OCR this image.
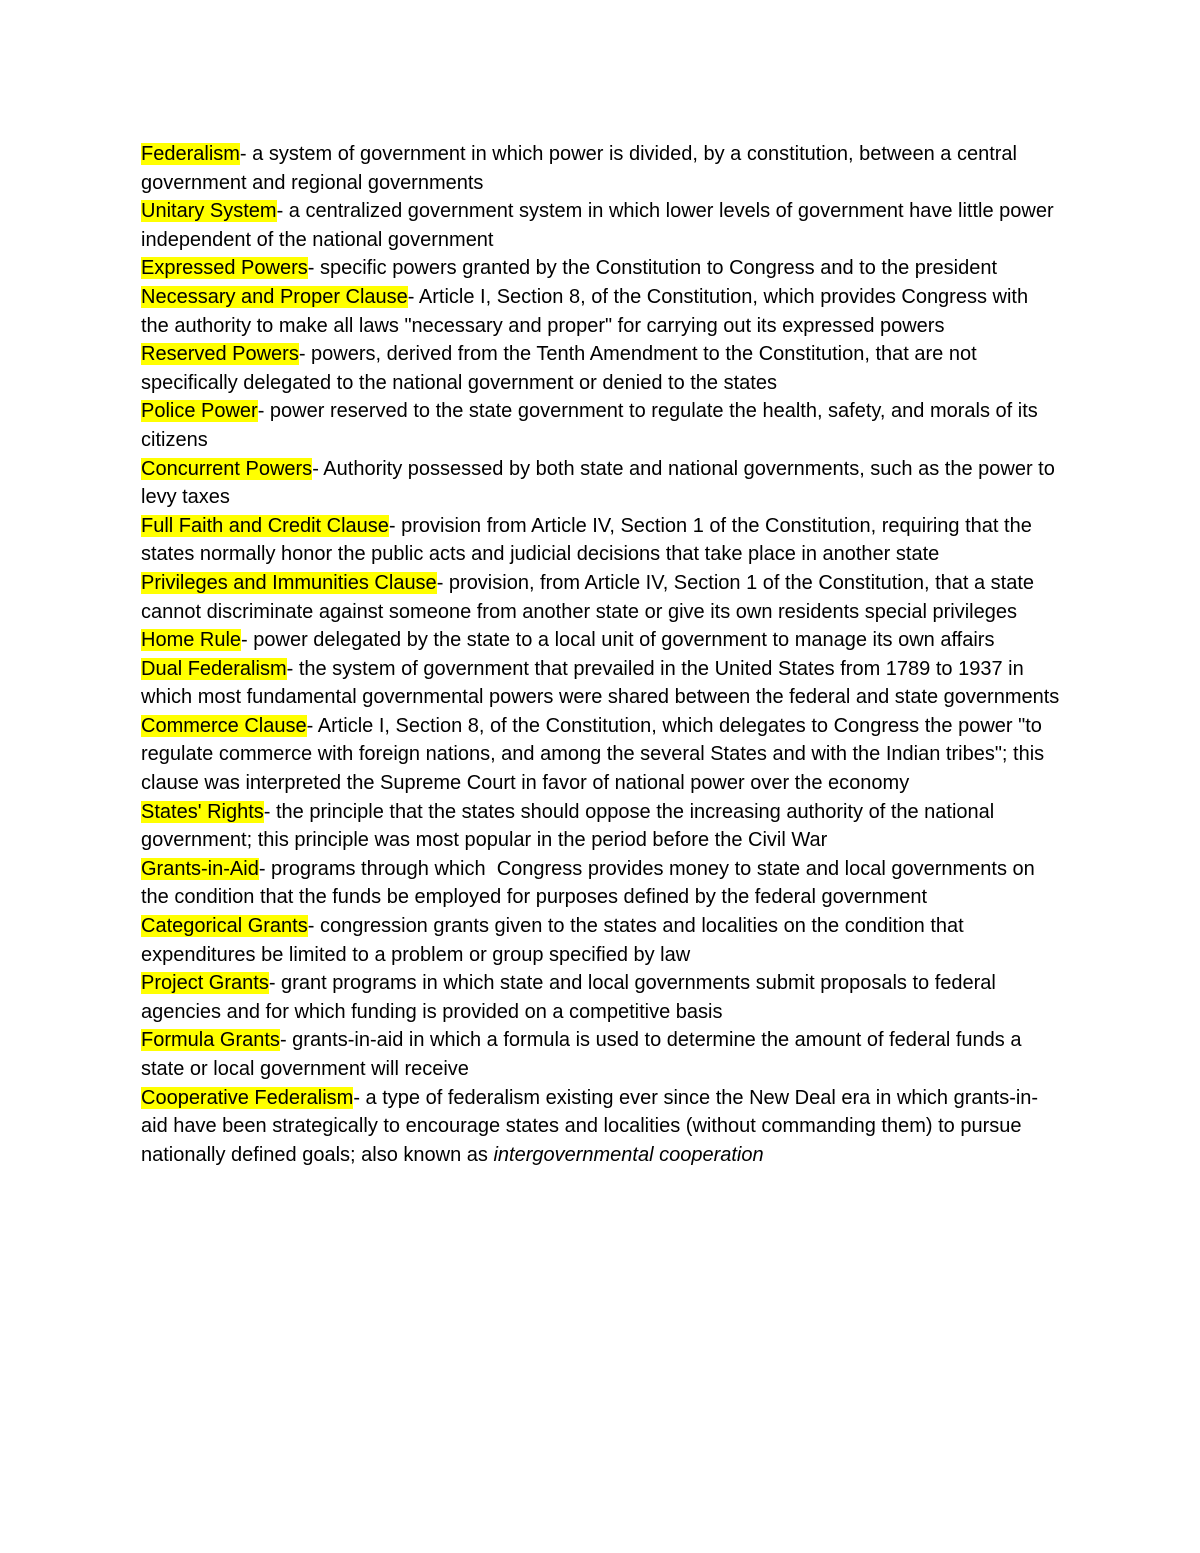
Federalism- a system of government in which power is divided, by a constitution, between a central government and regional governments

Unitary System- a centralized government system in which lower levels of government have little power independent of the national government

Expressed Powers- specific powers granted by the Constitution to Congress and to the president

Necessary and Proper Clause- Article I, Section 8, of the Constitution, which provides Congress with the authority to make all laws "necessary and proper" for carrying out its expressed powers

Reserved Powers- powers, derived from the Tenth Amendment to the Constitution, that are not specifically delegated to the national government or denied to the states

Police Power- power reserved to the state government to regulate the health, safety, and morals of its citizens

Concurrent Powers- Authority possessed by both state and national governments, such as the power to levy taxes

Full Faith and Credit Clause- provision from Article IV, Section 1 of the Constitution, requiring that the states normally honor the public acts and judicial decisions that take place in another state

Privileges and Immunities Clause- provision, from Article IV, Section 1 of the Constitution, that a state cannot discriminate against someone from another state or give its own residents special privileges

Home Rule- power delegated by the state to a local unit of government to manage its own affairs

Dual Federalism- the system of government that prevailed in the United States from 1789 to 1937 in which most fundamental governmental powers were shared between the federal and state governments

Commerce Clause- Article I, Section 8, of the Constitution, which delegates to Congress the power "to regulate commerce with foreign nations, and among the several States and with the Indian tribes"; this clause was interpreted the Supreme Court in favor of national power over the economy

States' Rights- the principle that the states should oppose the increasing authority of the national government; this principle was most popular in the period before the Civil War

Grants-in-Aid- programs through which  Congress provides money to state and local governments on the condition that the funds be employed for purposes defined by the federal government

Categorical Grants- congression grants given to the states and localities on the condition that expenditures be limited to a problem or group specified by law

Project Grants- grant programs in which state and local governments submit proposals to federal agencies and for which funding is provided on a competitive basis

Formula Grants- grants-in-aid in which a formula is used to determine the amount of federal funds a state or local government will receive

Cooperative Federalism- a type of federalism existing ever since the New Deal era in which grants-in-aid have been strategically to encourage states and localities (without commanding them) to pursue nationally defined goals; also known as intergovernmental cooperation
